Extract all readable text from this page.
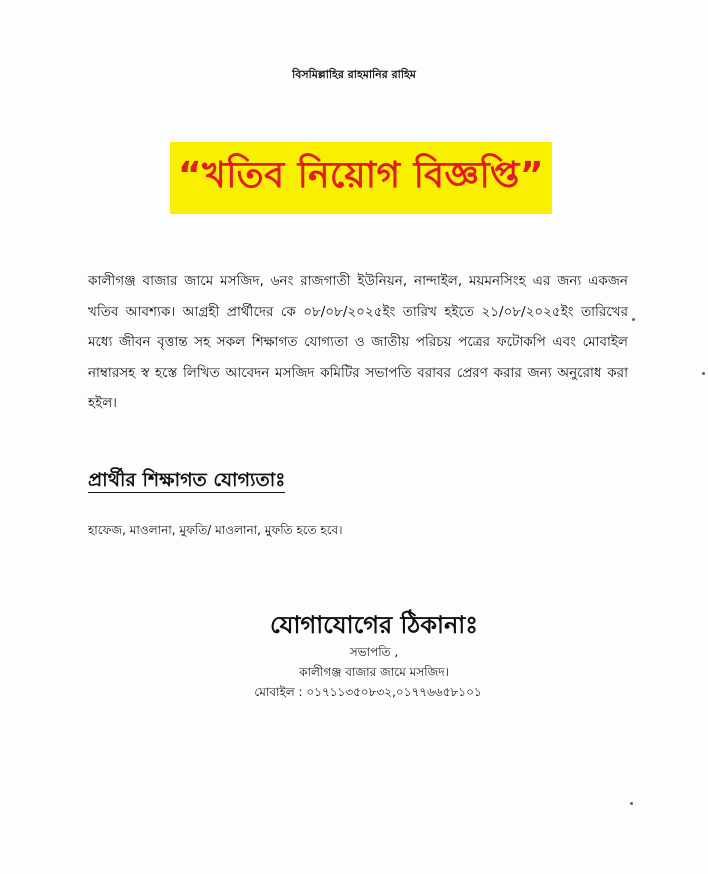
বিসমিল্লাহির রাহমানির রাহিম
“খতিব নিয়োগ বিজ্ঞপ্তি”
কালীগঞ্জ বাজার জামে মসজিদ, ৬নং রাজগাতী ইউনিয়ন, নান্দাইল, ময়মনসিংহ এর জন্য একজন খতিব আবশ্যক। আগ্রহী প্রার্থীদের কে ০৮/০৮/২০২৫ইং তারিখ হইতে ২১/০৮/২০২৫ইং তারিখের মধ্যে জীবন বৃত্তান্ত সহ সকল শিক্ষাগত যোগ্যতা ও জাতীয় পরিচয় পত্রের ফটোকপি এবং মোবাইল নাম্বারসহ স্ব হস্তে লিখিত আবেদন মসজিদ কমিটির সভাপতি বরাবর প্রেরণ করার জন্য অনুরোধ করা হইল।
প্রার্থীর শিক্ষাগত যোগ্যতাঃ
হাফেজ, মাওলানা, মুফতি/ মাওলানা, মুফতি হতে হবে।
যোগাযোগের ঠিকানাঃ
সভাপতি ,
কালীগঞ্জ বাজার জামে মসজিদ।
মোবাইল : ০১৭১১৩৫০৮৩২,০১৭৭৬৬৫৮১০১
